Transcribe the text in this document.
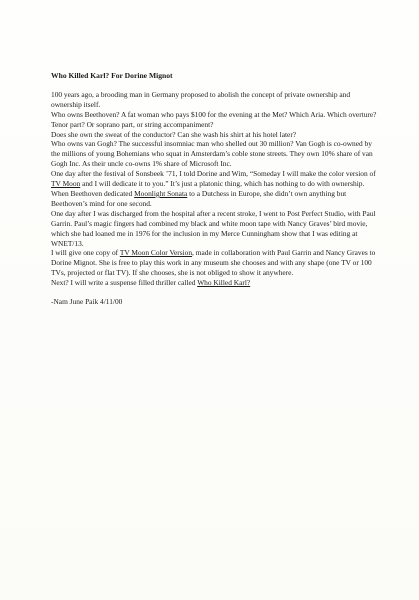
Who Killed Karl? For Dorine Mignot

100 years ago, a brooding man in Germany proposed to abolish the concept of private ownership and ownership itself.

Who owns Beethoven? A fat woman who pays $100 for the evening at the Met? Which Aria. Which overture? Tenor part? Or soprano part, or string accompaniment?

Does she own the sweat of the conductor? Can she wash his shirt at his hotel later?

Who owns van Gogh? The successful insomniac man who shelled out 30 million? Van Gogh is co-owned by the millions of young Bohemians who squat in Amsterdam’s coble stone streets. They own 10% share of van Gogh Inc. As their uncle co-owns 1% share of Microsoft Inc.

One day after the festival of Sonsbeek ’71, I told Dorine and Wim, “Someday I will make the color version of TV Moon and I will dedicate it to you.” It’s just a platonic thing, which has nothing to do with ownership.

When Beethoven dedicated Moonlight Sonata to a Dutchess in Europe, she didn’t own anything but Beethoven’s mind for one second.

One day after I was discharged from the hospital after a recent stroke, I went to Post Perfect Studio, with Paul Garrin. Paul’s magic fingers had combined my black and white moon tape with Nancy Graves’ bird movie, which she had loaned me in 1976 for the inclusion in my Merce Cunningham show that I was editing at WNET/13.

I will give one copy of TV Moon Color Version, made in collaboration with Paul Garrin and Nancy Graves to Dorine Mignot. She is free to play this work in any museum she chooses and with any shape (one TV or 100 TVs, projected or flat TV). If she chooses, she is not obliged to show it anywhere.

Next? I will write a suspense filled thriller called Who Killed Karl?

-Nam June Paik 4/11/00
